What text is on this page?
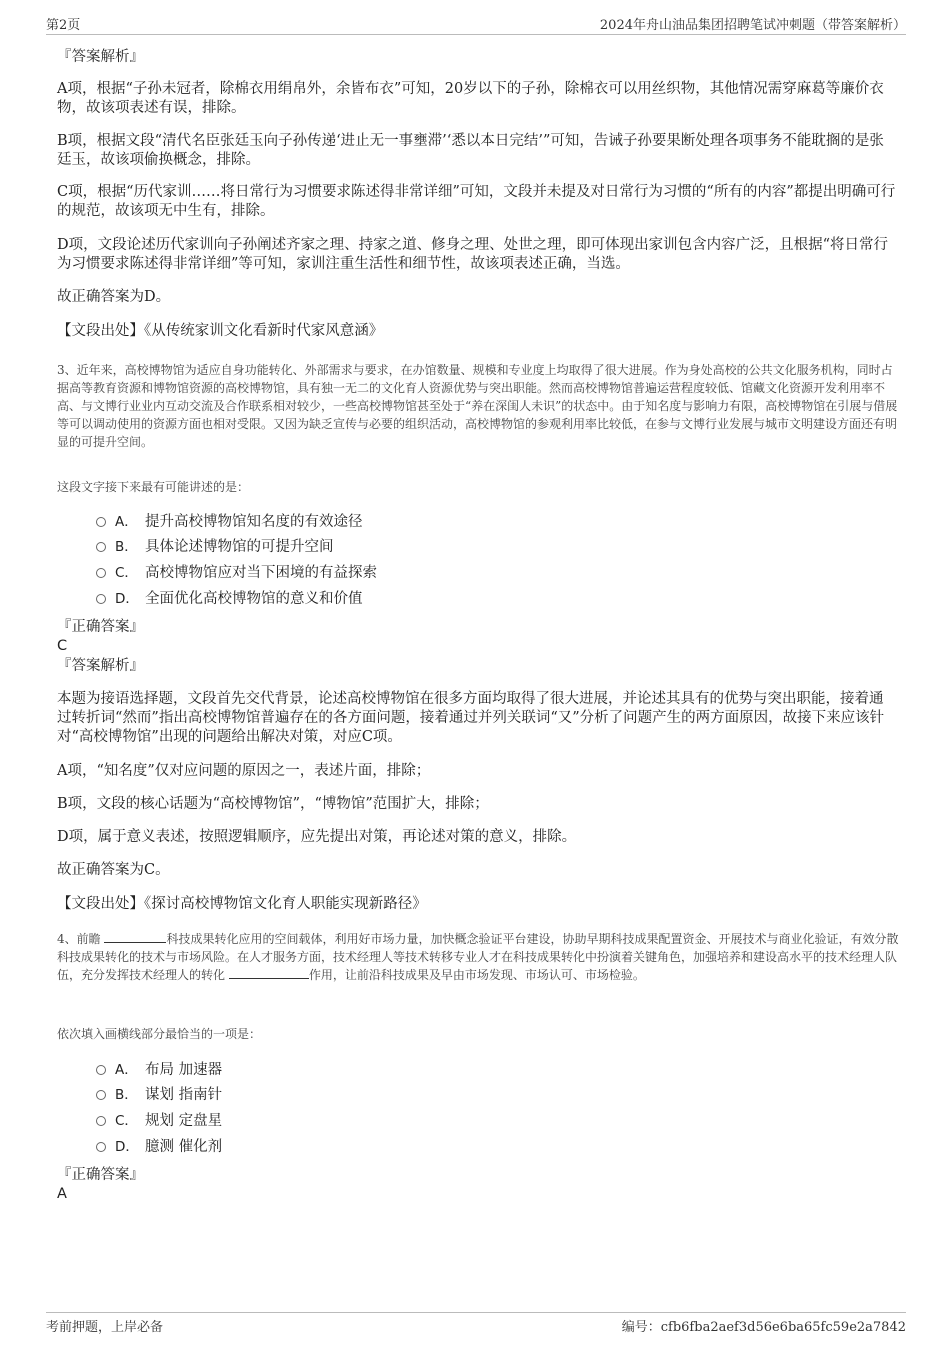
第2页	2024年舟山油品集团招聘笔试冲刺题（带答案解析）
『答案解析』
A项，根据“子孙未冠者，除棉衣用绢帛外，余皆布衣”可知，20岁以下的子孙，除棉衣可以用丝织物，其他情况需穿麻葛等廉价衣物，故该项表述有误，排除。
B项，根据文段“清代名臣张廷玉向子孙传递‘进止无一事壅滞’‘悉以本日完结’”可知，告诫子孙要果断处理各项事务不能耽搁的是张廷玉，故该项偷换概念，排除。
C项，根据“历代家训……将日常行为习惯要求陈述得非常详细”可知，文段并未提及对日常行为习惯的“所有的内容”都提出明确可行的规范，故该项无中生有，排除。
D项，文段论述历代家训向子孙阐述齐家之理、持家之道、修身之理、处世之理，即可体现出家训包含内容广泛，且根据“将日常行为习惯要求陈述得非常详细”等可知，家训注重生活性和细节性，故该项表述正确，当选。
故正确答案为D。
【文段出处】《从传统家训文化看新时代家风意涵》
3、近年来，高校博物馆为适应自身功能转化、外部需求与要求，在办馆数量、规模和专业度上均取得了很大进展。作为身处高校的公共文化服务机构，同时占据高等教育资源和博物馆资源的高校博物馆，具有独一无二的文化育人资源优势与突出职能。然而高校博物馆普遍运营程度较低、馆藏文化资源开发利用率不高、与文博行业业内互动交流及合作联系相对较少，一些高校博物馆甚至处于“养在深闺人未识”的状态中。由于知名度与影响力有限，高校博物馆在引展与借展等可以调动使用的资源方面也相对受限。又因为缺乏宣传与必要的组织活动，高校博物馆的参观利用率比较低，在参与文博行业发展与城市文明建设方面还有明显的可提升空间。
这段文字接下来最有可能讲述的是：
A． 提升高校博物馆知名度的有效途径
B． 具体论述博物馆的可提升空间
C． 高校博物馆应对当下困境的有益探索
D． 全面优化高校博物馆的意义和价值
『正确答案』
C
『答案解析』
本题为接语选择题，文段首先交代背景，论述高校博物馆在很多方面均取得了很大进展，并论述其具有的优势与突出职能，接着通过转折词“然而”指出高校博物馆普遍存在的各方面问题，接着通过并列关联词“又”分析了问题产生的两方面原因，故接下来应该针对“高校博物馆”出现的问题给出解决对策，对应C项。
A项，“知名度”仅对应问题的原因之一，表述片面，排除；
B项，文段的核心话题为“高校博物馆”，“博物馆”范围扩大，排除；
D项，属于意义表述，按照逻辑顺序，应先提出对策，再论述对策的意义，排除。
故正确答案为C。
【文段出处】《探讨高校博物馆文化育人职能实现新路径》
4、前瞻	科技成果转化应用的空间载体，利用好市场力量，加快概念验证平台建设，协助早期科技成果配置资金、开展技术与商业化验证，有效分散科技成果转化的技术与市场风险。在人才服务方面，技术经理人等技术转移专业人才在科技成果转化中扮演着关键角色，加强培养和建设高水平的技术经理人队伍，充分发挥技术经理人的转化	作用，让前沿科技成果及早由市场发现、市场认可、市场检验。
依次填入画横线部分最恰当的一项是：
A． 布局 加速器
B． 谋划 指南针
C． 规划 定盘星
D． 臆测 催化剂
『正确答案』
A
考前押题，上岸必备	编号：cfb6fba2aef3d56e6ba65fc59e2a7842
